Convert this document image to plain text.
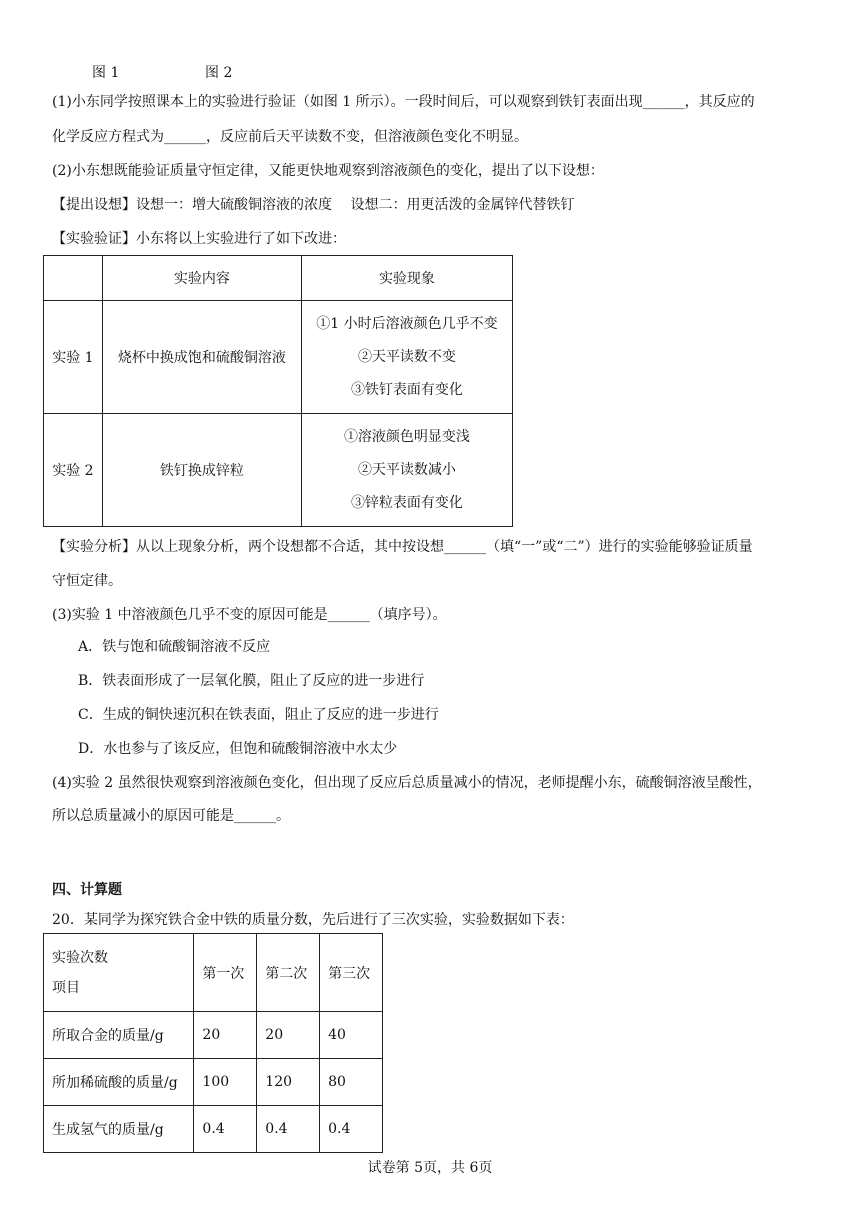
图 1	图 2
(1)小东同学按照课本上的实验进行验证（如图 1 所示）。一段时间后，可以观察到铁钉表面出现______，其反应的
化学反应方程式为______，反应前后天平读数不变，但溶液颜色变化不明显。
(2)小东想既能验证质量守恒定律，又能更快地观察到溶液颜色的变化，提出了以下设想：
【提出设想】设想一：增大硫酸铜溶液的浓度　 设想二：用更活泼的金属锌代替铁钉
【实验验证】小东将以上实验进行了如下改进：
	实验内容	实验现象
实验 1	烧杯中换成饱和硫酸铜溶液	①1 小时后溶液颜色几乎不变
②天平读数不变
③铁钉表面有变化

实验 2	铁钉换成锌粒	①溶液颜色明显变浅
②天平读数减小
③锌粒表面有变化
【实验分析】从以上现象分析，两个设想都不合适，其中按设想______（填“一”或“二”）进行的实验能够验证质量
守恒定律。
(3)实验 1 中溶液颜色几乎不变的原因可能是______（填序号）。
A．铁与饱和硫酸铜溶液不反应
B．铁表面形成了一层氧化膜，阻止了反应的进一步进行
C．生成的铜快速沉积在铁表面，阻止了反应的进一步进行
D．水也参与了该反应，但饱和硫酸铜溶液中水太少
(4)实验 2 虽然很快观察到溶液颜色变化，但出现了反应后总质量减小的情况，老师提醒小东，硫酸铜溶液呈酸性，
所以总质量减小的原因可能是______。
四、计算题
20．某同学为探究铁合金中铁的质量分数，先后进行了三次实验，实验数据如下表：
实验次数
项目	第一次	第二次	第三次
所取合金的质量/g	20	20	40
所加稀硫酸的质量/g	100	120	80
生成氢气的质量/g	0.4	0.4	0.4
试卷第 5页，共 6页
